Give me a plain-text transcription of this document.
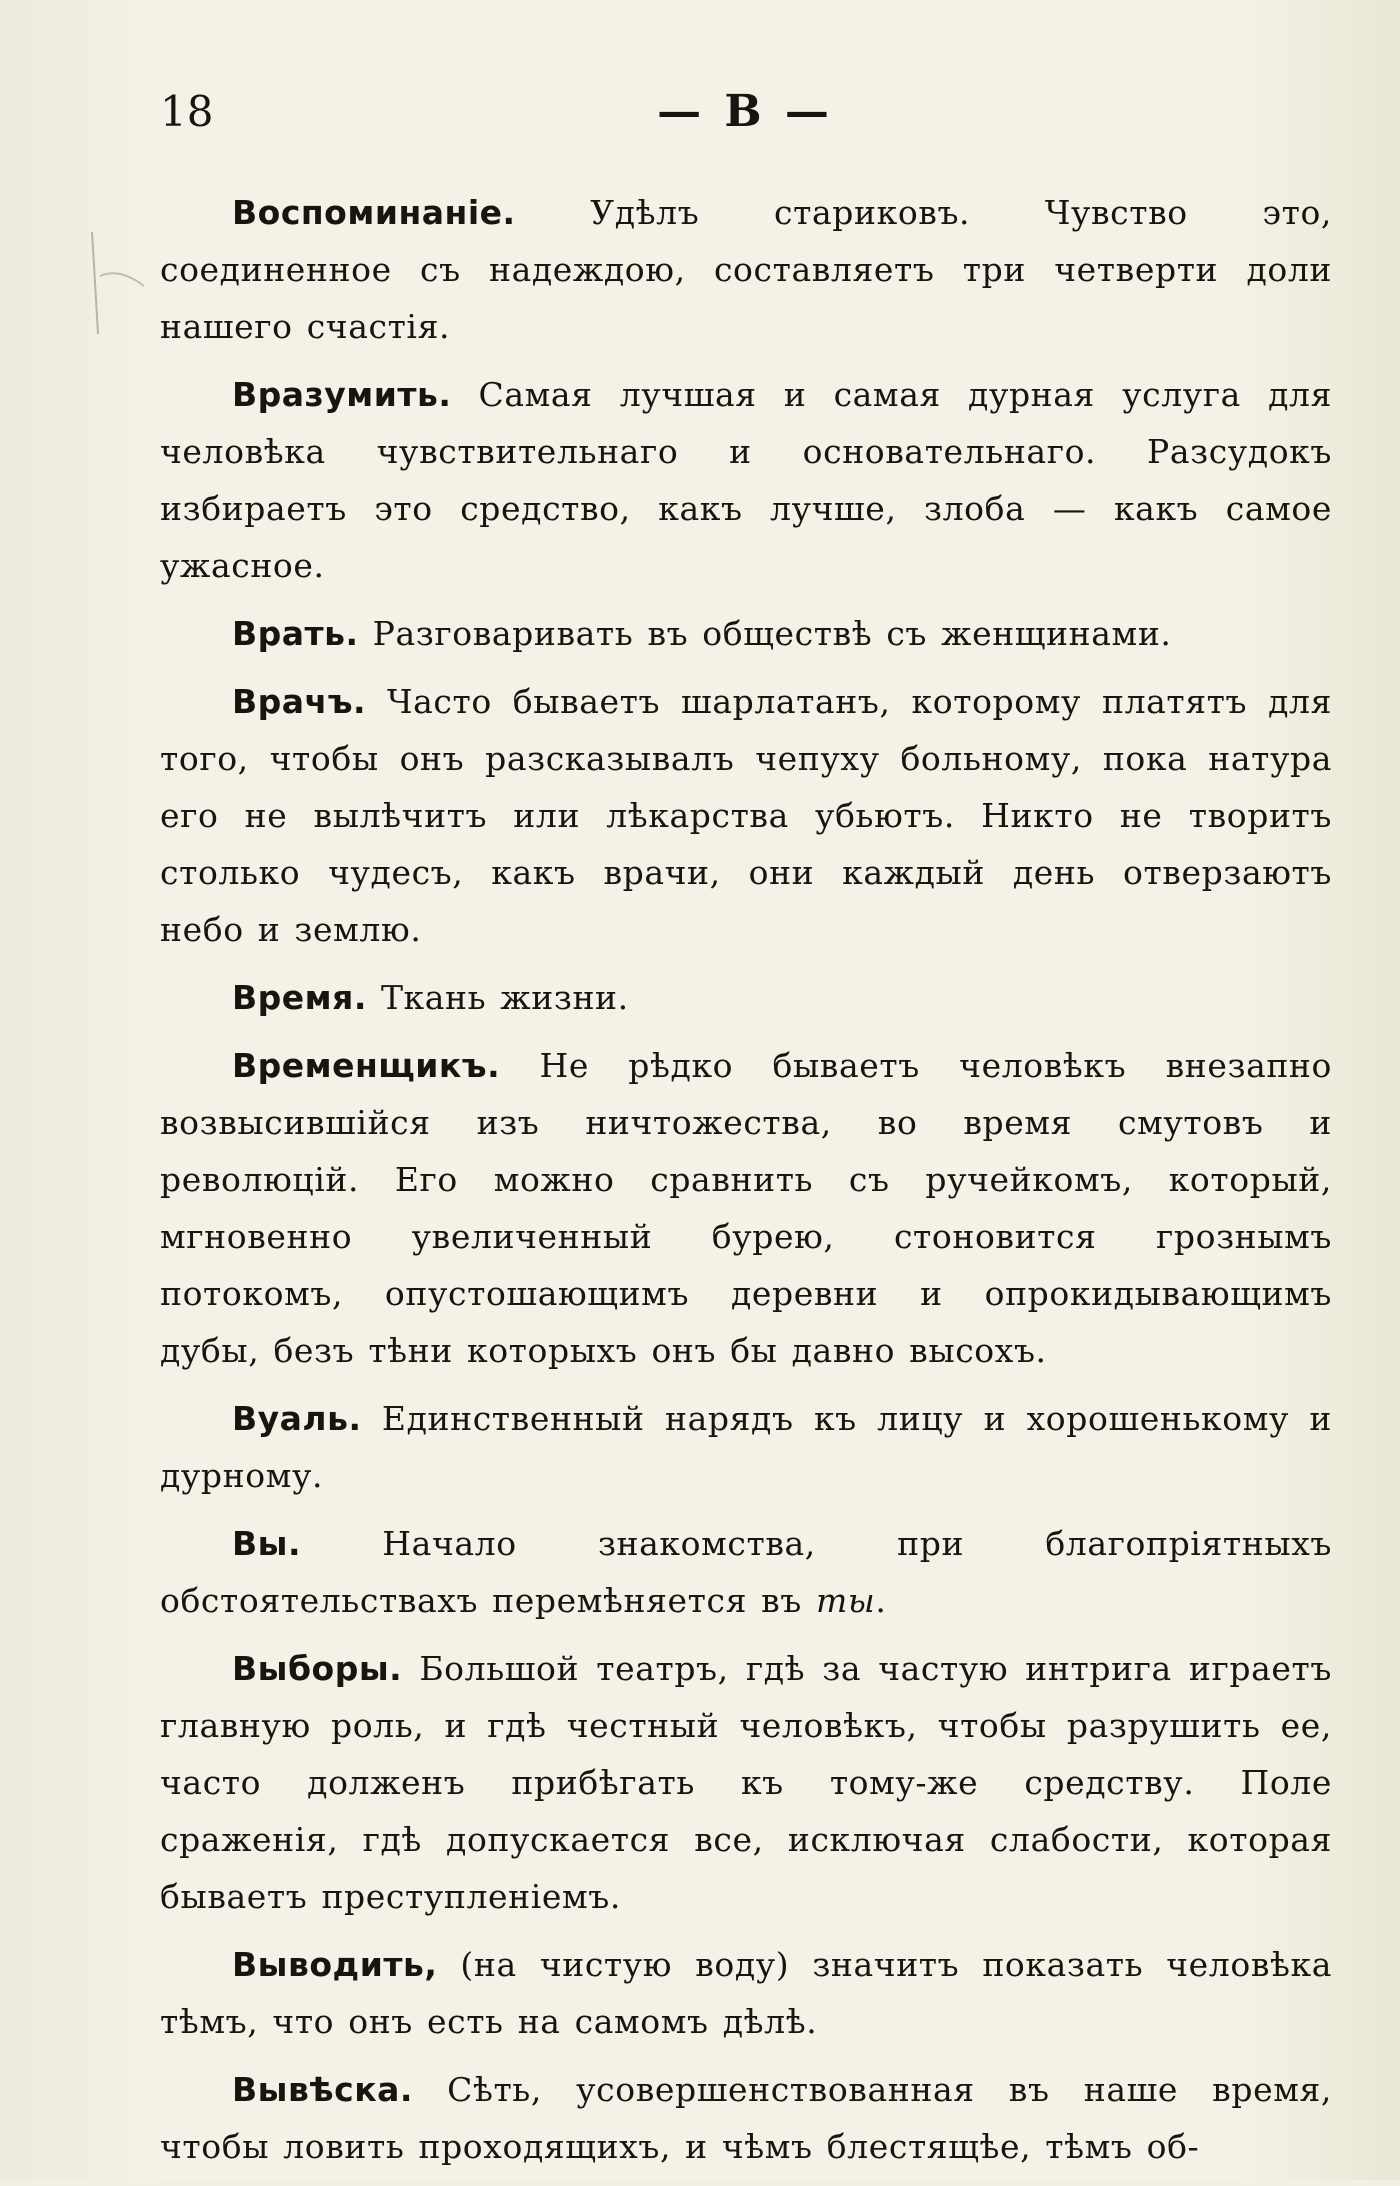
18	— В —

Воспоминаніе. Удѣлъ стариковъ. Чувство это, соединенное съ надеждою, составляетъ три четверти доли нашего счастія.

Вразумить. Самая лучшая и самая дурная услуга для человѣка чувствительнаго и основательнаго. Разсудокъ избираетъ это средство, какъ лучше, злоба — какъ самое ужасное.

Врать. Разговаривать въ обществѣ съ женщинами.

Врачъ. Часто бываетъ шарлатанъ, которому платятъ для того, чтобы онъ разсказывалъ чепуху больному, пока натура его не вылѣчитъ или лѣкарства убьютъ. Никто не творитъ столько чудесъ, какъ врачи, они каждый день отверзаютъ небо и землю.

Время. Ткань жизни.

Временщикъ. Не рѣдко бываетъ человѣкъ внезапно возвысившійся изъ ничтожества, во время смутовъ и революцій. Его можно сравнить съ ручейкомъ, который, мгновенно увеличенный бурею, стоновится грознымъ потокомъ, опустошающимъ деревни и опрокидывающимъ дубы, безъ тѣни которыхъ онъ бы давно высохъ.

Вуаль. Единственный нарядъ къ лицу и хорошенькому и дурному.

Вы. Начало знакомства, при благопріятныхъ обстоятельствахъ перемѣняется въ ты.

Выборы. Большой театръ, гдѣ за частую интрига играетъ главную роль, и гдѣ честный человѣкъ, чтобы разрушить ее, часто долженъ прибѣгать къ тому-же средству. Поле сраженія, гдѣ допускается все, исключая слабости, которая бываетъ преступленіемъ.

Выводить, (на чистую воду) значитъ показать человѣка тѣмъ, что онъ есть на самомъ дѣлѣ.

Вывѣска. Сѣть, усовершенствованная въ наше время, чтобы ловить проходящихъ, и чѣмъ блестящѣе, тѣмъ об-
